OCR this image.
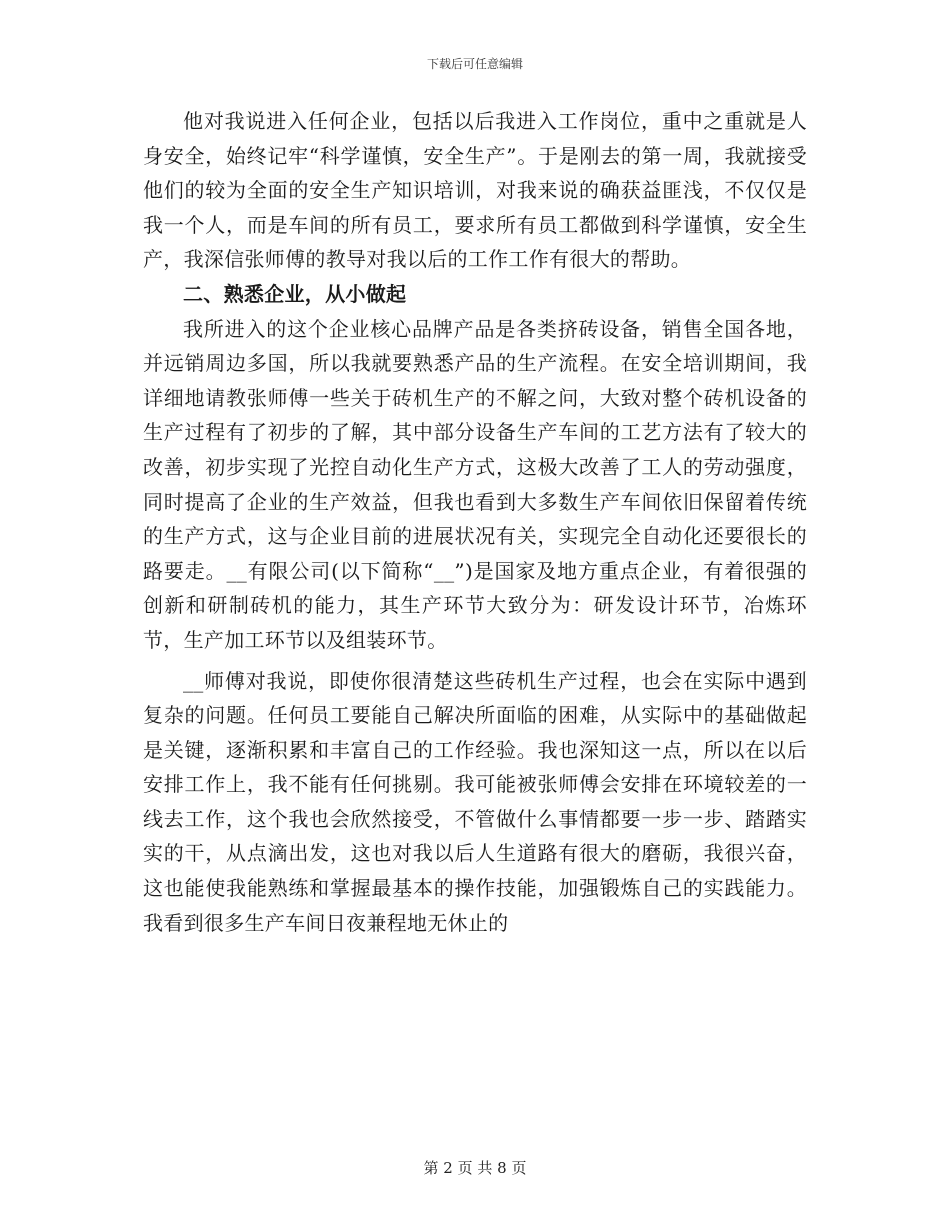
下载后可任意编辑

他对我说进入任何企业，包括以后我进入工作岗位，重中之重就是人身安全，始终记牢“科学谨慎，安全生产”。于是刚去的第一周，我就接受他们的较为全面的安全生产知识培训，对我来说的确获益匪浅，不仅仅是我一个人，而是车间的所有员工，要求所有员工都做到科学谨慎，安全生产，我深信张师傅的教导对我以后的工作工作有很大的帮助。

二、熟悉企业，从小做起

我所进入的这个企业核心品牌产品是各类挤砖设备，销售全国各地，并远销周边多国，所以我就要熟悉产品的生产流程。在安全培训期间，我详细地请教张师傅一些关于砖机生产的不解之问，大致对整个砖机设备的生产过程有了初步的了解，其中部分设备生产车间的工艺方法有了较大的改善，初步实现了光控自动化生产方式，这极大改善了工人的劳动强度，同时提高了企业的生产效益，但我也看到大多数生产车间依旧保留着传统的生产方式，这与企业目前的进展状况有关，实现完全自动化还要很长的路要走。__有限公司(以下简称“__”)是国家及地方重点企业，有着很强的创新和研制砖机的能力，其生产环节大致分为：研发设计环节，冶炼环节，生产加工环节以及组装环节。

__师傅对我说，即使你很清楚这些砖机生产过程，也会在实际中遇到复杂的问题。任何员工要能自己解决所面临的困难，从实际中的基础做起是关键，逐渐积累和丰富自己的工作经验。我也深知这一点，所以在以后安排工作上，我不能有任何挑剔。我可能被张师傅会安排在环境较差的一线去工作，这个我也会欣然接受，不管做什么事情都要一步一步、踏踏实实的干，从点滴出发，这也对我以后人生道路有很大的磨砺，我很兴奋，这也能使我能熟练和掌握最基本的操作技能，加强锻炼自己的实践能力。我看到很多生产车间日夜兼程地无休止的

第 2 页 共 8 页
